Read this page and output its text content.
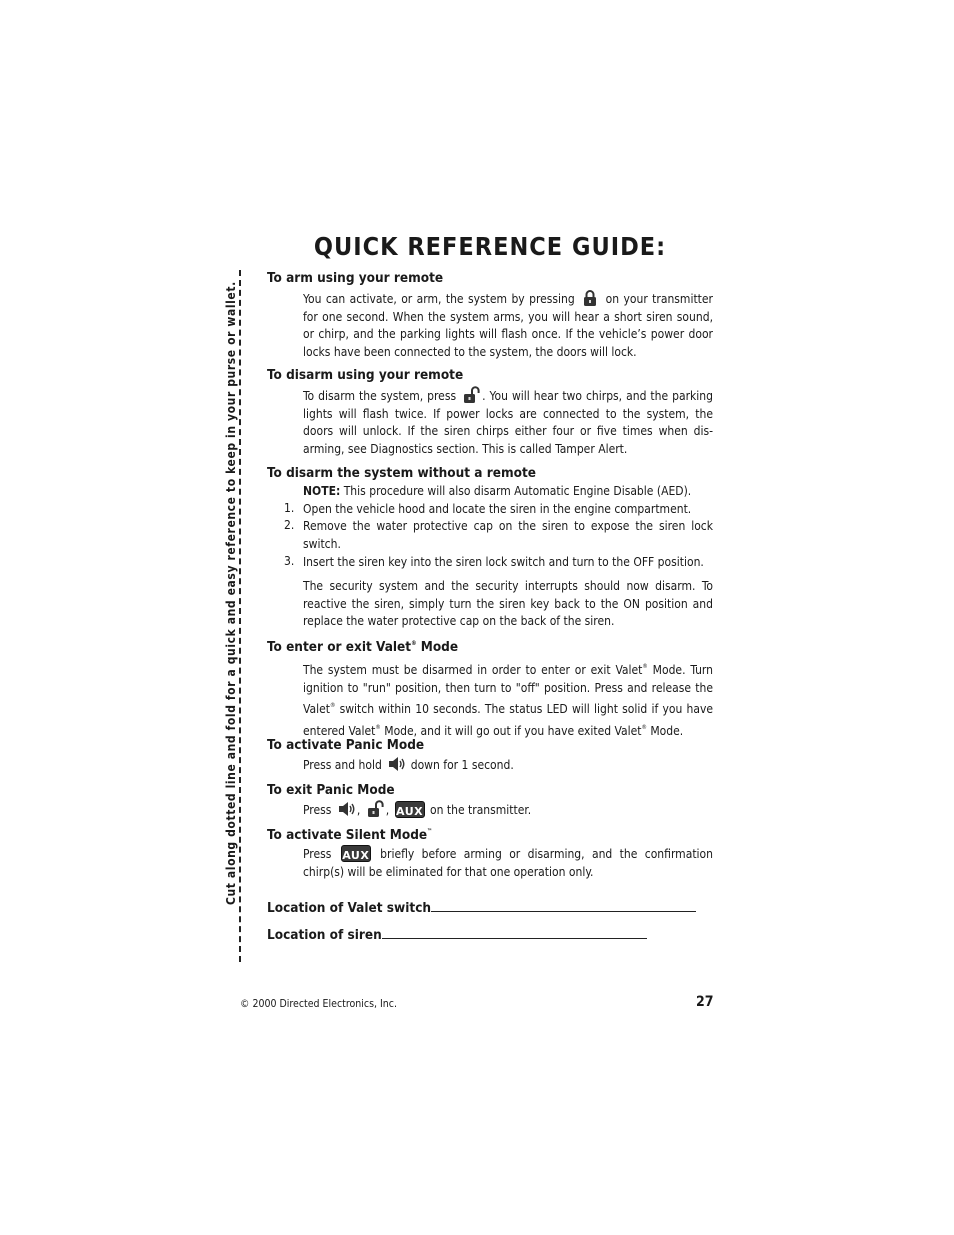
Cut along dotted line and fold for a quick and easy reference to keep in your purse or wallet.
QUICK REFERENCE GUIDE:
To arm using your remote

You can activate, or arm, the system by pressing	on your transmitter for one second. When the system arms, you will hear a short siren sound, or chirp, and the parking lights will flash once. If the vehicle’s power door locks have been connected to the system, the doors will lock.

To disarm using your remote

To disarm the system, press . You will hear two chirps, and the parking lights will flash twice. If power locks are connected to the system, the doors will unlock. If the siren chirps either four or five times when dis-arming, see Diagnostics section. This is called Tamper Alert.

To disarm the system without a remote

NOTE: This procedure will also disarm Automatic Engine Disable (AED).

1. Open the vehicle hood and locate the siren in the engine compartment.

2. Remove the water protective cap on the siren to expose the siren lock switch.

3. Insert the siren key into the siren lock switch and turn to the OFF position.

The security system and the security interrupts should now disarm. To reactive the siren, simply turn the siren key back to the ON position and replace the water protective cap on the back of the siren.

To enter or exit Valet® Mode

The system must be disarmed in order to enter or exit Valet® Mode. Turn ignition to "run" position, then turn to "off" position. Press and release the Valet® switch within 10 seconds. The status LED will light solid if you have entered Valet® Mode, and it will go out if you have exited Valet® Mode.

To activate Panic Mode

Press and hold down for 1 second.

To exit Panic Mode

Press , , AUX on the transmitter.

To activate Silent Mode™

Press AUX briefly before arming or disarming, and the confirmation chirp(s) will be eliminated for that one operation only.

Location of Valet switch
Location of siren
© 2000 Directed Electronics, Inc.	27
